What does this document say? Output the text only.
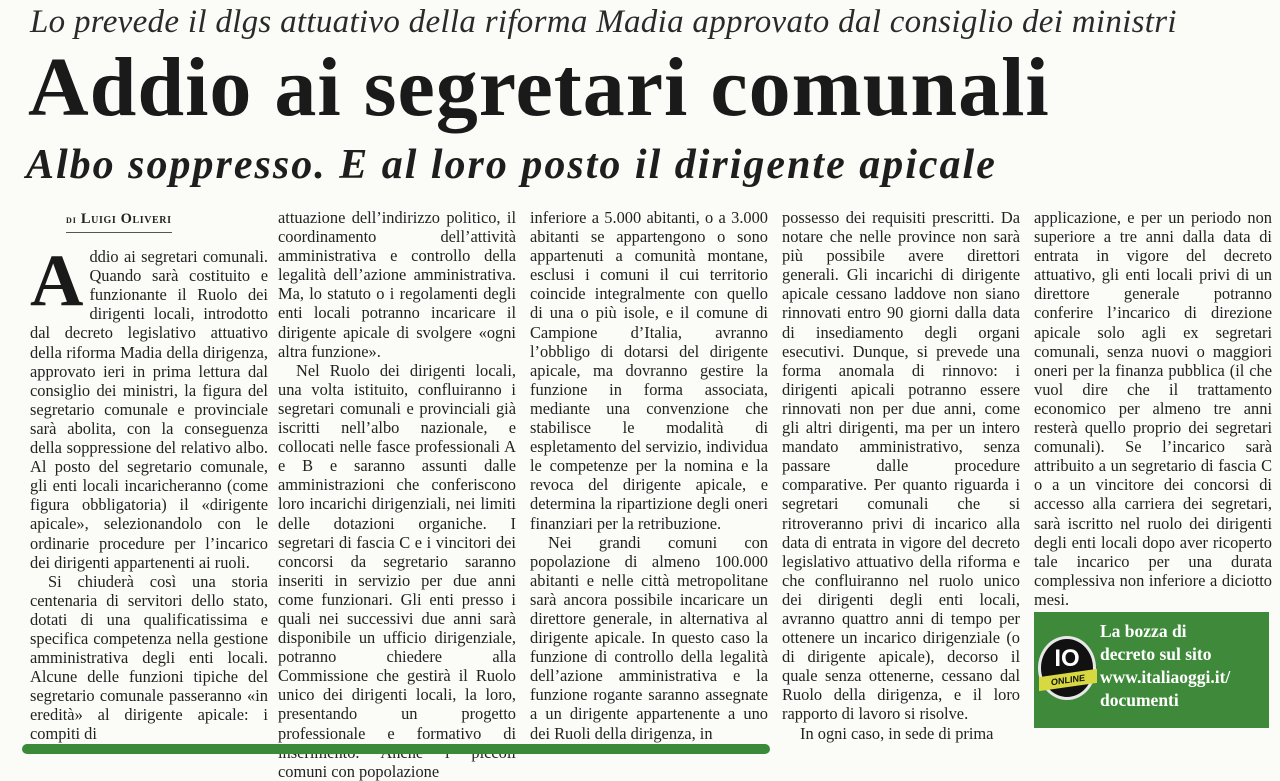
Lo prevede il dlgs attuativo della riforma Madia approvato dal consiglio dei ministri
Addio ai segretari comunali
Albo soppresso. E al loro posto il dirigente apicale
di Luigi Oliveri

Addio ai segretari comunali. Quando sarà costituito e funzionante il Ruolo dei dirigenti locali, introdotto dal decreto legislativo attuativo della riforma Madia della dirigenza, approvato ieri in prima lettura dal consiglio dei ministri, la figura del segretario comunale e provinciale sarà abolita, con la conseguenza della soppressione del relativo albo. Al posto del segretario comunale, gli enti locali incaricheranno (come figura obbligatoria) il «dirigente apicale», selezionandolo con le ordinarie procedure per l’incarico dei dirigenti appartenenti ai ruoli.

Si chiuderà così una storia centenaria di servitori dello stato, dotati di una qualificatissima e specifica competenza nella gestione amministrativa degli enti locali. Alcune delle funzioni tipiche del segretario comunale passeranno «in eredità» al dirigente apicale: i compiti di

attuazione dell’indirizzo politico, il coordinamento dell’attività amministrativa e controllo della legalità dell’azione amministrativa. Ma, lo statuto o i regolamenti degli enti locali potranno incaricare il dirigente apicale di svolgere «ogni altra funzione».

Nel Ruolo dei dirigenti locali, una volta istituito, confluiranno i segretari comunali e provinciali già iscritti nell’albo nazionale, e collocati nelle fasce professionali A e B e saranno assunti dalle amministrazioni che conferiscono loro incarichi dirigenziali, nei limiti delle dotazioni organiche. I segretari di fascia C e i vincitori dei concorsi da segretario saranno inseriti in servizio per due anni come funzionari. Gli enti presso i quali nei successivi due anni sarà disponibile un ufficio dirigenziale, potranno chiedere alla Commissione che gestirà il Ruolo unico dei dirigenti locali, la loro, presentando un progetto professionale e formativo di comuni con popolazione

inferiore a 5.000 abitanti, o a 3.000 abitanti se appartengono o sono appartenuti a comunità montane, esclusi i comuni il cui territorio coincide integralmente con quello di una o più isole, e il comune di Campione d’Italia, avranno l’obbligo di dotarsi del dirigente apicale, ma dovranno gestire la funzione in forma associata, mediante una convenzione che stabilisce le modalità di espletamento del servizio, individua le competenze per la nomina e la revoca del dirigente apicale, e determina la ripartizione degli oneri finanziari per la retribuzione.

Nei grandi comuni con popolazione di almeno 100.000 abitanti e nelle città metropolitane sarà ancora possibile incaricare un direttore generale, in alternativa al dirigente apicale. In questo caso la funzione di controllo della legalità dell’azione amministrativa e la funzione rogante saranno assegnate a un dirigente appartenente a uno dei Ruoli della dirigenza, in

possesso dei requisiti prescritti. Da notare che nelle province non sarà più possibile avere direttori generali. Gli incarichi di dirigente apicale cessano laddove non siano rinnovati entro 90 giorni dalla data di insediamento degli organi esecutivi. Dunque, si prevede una forma anomala di rinnovo: i dirigenti apicali potranno essere rinnovati non per due anni, come gli altri dirigenti, ma per un intero mandato amministrativo, senza passare dalle procedure comparative. Per quanto riguarda i segretari comunali che si ritroveranno privi di incarico alla data di entrata in vigore del decreto legislativo attuativo della riforma e che confluiranno nel ruolo unico dei dirigenti degli enti locali, avranno quattro anni di tempo per ottenere un incarico dirigenziale (o di dirigente apicale), decorso il quale senza ottenerne, cessano dal Ruolo della dirigenza, e il loro rapporto di lavoro si risolve.

In ogni caso, in sede di prima

applicazione, e per un periodo non superiore a tre anni dalla data di entrata in vigore del decreto attuativo, gli enti locali privi di un direttore generale potranno conferire l’incarico di direzione apicale solo agli ex segretari comunali, senza nuovi o maggiori oneri per la finanza pubblica (il che vuol dire che il trattamento economico per almeno tre anni resterà quello proprio dei segretari comunali). Se l’incarico sarà attribuito a un segretario di fascia C o a un vincitore dei concorsi di accesso alla carriera dei segretari, sarà iscritto nel ruolo dei dirigenti degli enti locali dopo aver ricoperto tale incarico per una durata complessiva non inferiore a diciotto mesi.

IO
ONLINE
La bozza di
decreto sul sito
www.italiaoggi.it/
documenti
